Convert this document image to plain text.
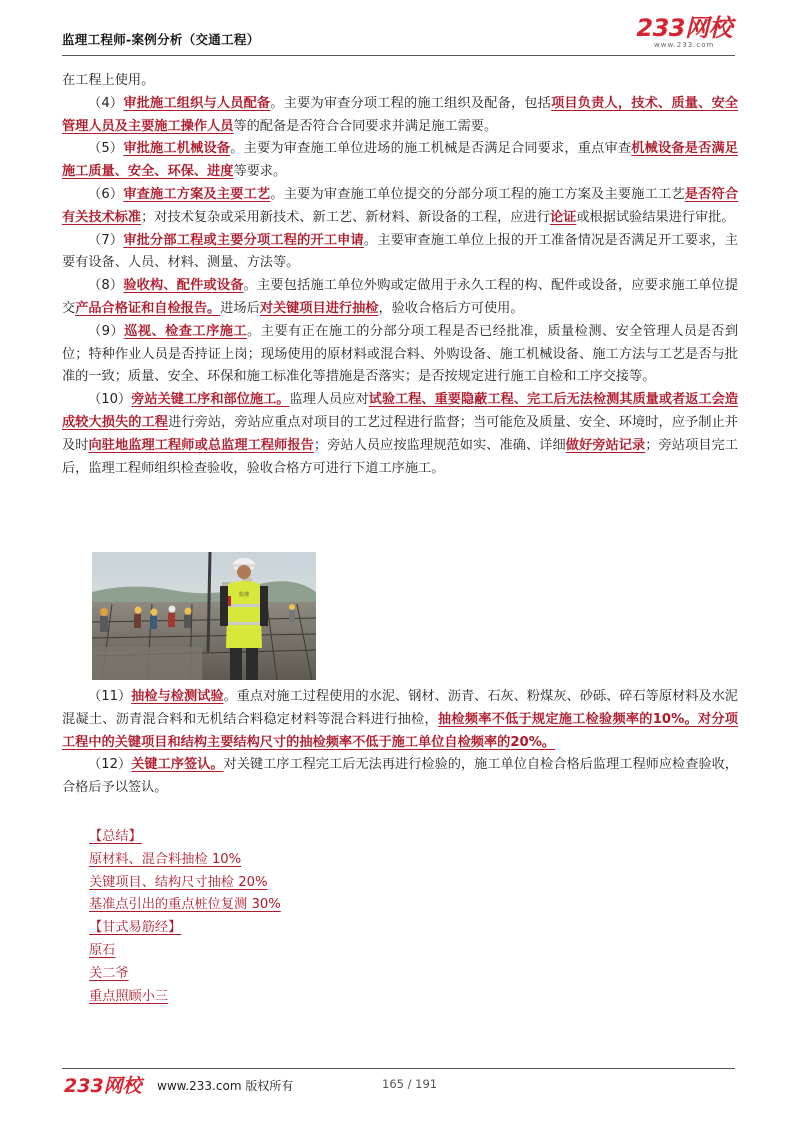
监理工程师-案例分析（交通工程）	233网校
www.233.com

在工程上使用。

（4）审批施工组织与人员配备。主要为审查分项工程的施工组织及配备，包括项目负责人，技术、质量、安全管理人员及主要施工操作人员等的配备是否符合合同要求并满足施工需要。

（5）审批施工机械设备。主要为审查施工单位进场的施工机械是否满足合同要求，重点审查机械设备是否满足施工质量、安全、环保、进度等要求。

（6）审查施工方案及主要工艺。主要为审查施工单位提交的分部分项工程的施工方案及主要施工工艺是否符合有关技术标准；对技术复杂或采用新技术、新工艺、新材料、新设备的工程，应进行论证或根据试验结果进行审批。

（7）审批分部工程或主要分项工程的开工申请。主要审查施工单位上报的开工准备情况是否满足开工要求，主要有设备、人员、材料、测量、方法等。

（8）验收构、配件或设备。主要包括施工单位外购或定做用于永久工程的构、配件或设备，应要求施工单位提交产品合格证和自检报告。进场后对关键项目进行抽检，验收合格后方可使用。

（9）巡视、检查工序施工。主要有正在施工的分部分项工程是否已经批准，质量检测、安全管理人员是否到位；特种作业人员是否持证上岗；现场使用的原材料或混合料、外购设备、施工机械设备、施工方法与工艺是否与批准的一致；质量、安全、环保和施工标准化等措施是否落实；是否按规定进行施工自检和工序交接等。

（10）旁站关键工序和部位施工。监理人员应对试验工程、重要隐蔽工程、完工后无法检测其质量或者返工会造成较大损失的工程进行旁站，旁站应重点对项目的工艺过程进行监督；当可能危及质量、安全、环境时，应予制止并及时向驻地监理工程师或总监理工程师报告；旁站人员应按监理规范如实、准确、详细做好旁站记录；旁站项目完工后，监理工程师组织检查验收，验收合格方可进行下道工序施工。

监理

（11）抽检与检测试验。重点对施工过程使用的水泥、钢材、沥青、石灰、粉煤灰、砂砾、碎石等原材料及水泥混凝土、沥青混合料和无机结合料稳定材料等混合料进行抽检，抽检频率不低于规定施工检验频率的10%。对分项工程中的关键项目和结构主要结构尺寸的抽检频率不低于施工单位自检频率的20%。

（12）关键工序签认。对关键工序工程完工后无法再进行检验的，施工单位自检合格后监理工程师应检查验收，合格后予以签认。

【总结】
原材料、混合料抽检 10%
关键项目、结构尺寸抽检 20%
基准点引出的重点桩位复测 30%
【甘式易筋经】
原石
关二爷
重点照顾小三
233网校 www.233.com 版权所有	165 / 191
